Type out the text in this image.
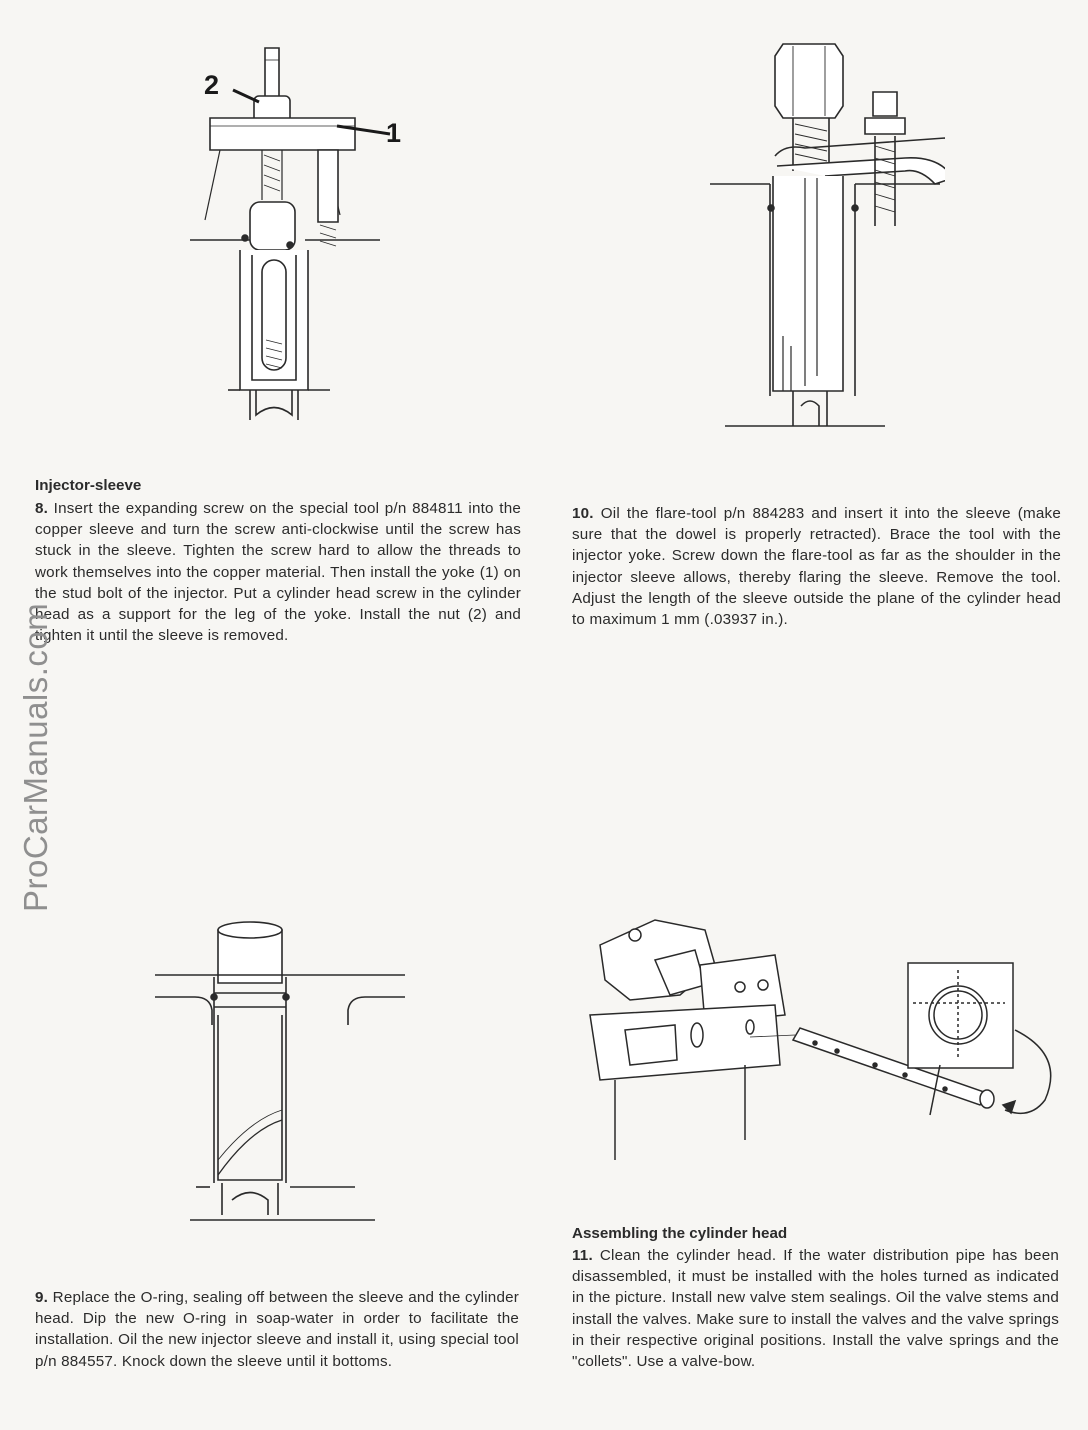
2
1

Injector-sleeve

8. Insert the expanding screw on the special tool p/n 884811 into the copper sleeve and turn the screw anti-clockwise until the screw has stuck in the sleeve. Tighten the screw hard to allow the threads to work themselves into the copper material. Then install the yoke (1) on the stud bolt of the injector. Put a cylinder head screw in the cylinder head as a support for the leg of the yoke. Install the nut (2) and tighten it until the sleeve is removed.

10. Oil the flare-tool p/n 884283 and insert it into the sleeve (make sure that the dowel is properly retracted). Brace the tool with the injector yoke. Screw down the flare-tool as far as the shoulder in the injector sleeve allows, thereby flaring the sleeve. Remove the tool. Adjust the length of the sleeve outside the plane of the cylinder head to maximum 1 mm (.03937 in.).

ProCarManuals.com

9. Replace the O-ring, sealing off between the sleeve and the cylinder head. Dip the new O-ring in soap-water in order to facilitate the installation. Oil the new injector sleeve and install it, using special tool p/n 884557. Knock down the sleeve until it bottoms.

Assembling the cylinder head

11. Clean the cylinder head. If the water distribution pipe has been disassembled, it must be installed with the holes turned as indicated in the picture. Install new valve stem sealings. Oil the valve stems and install the valves. Make sure to install the valves and the valve springs in their respective original positions. Install the valve springs and the "collets". Use a valve-bow.
